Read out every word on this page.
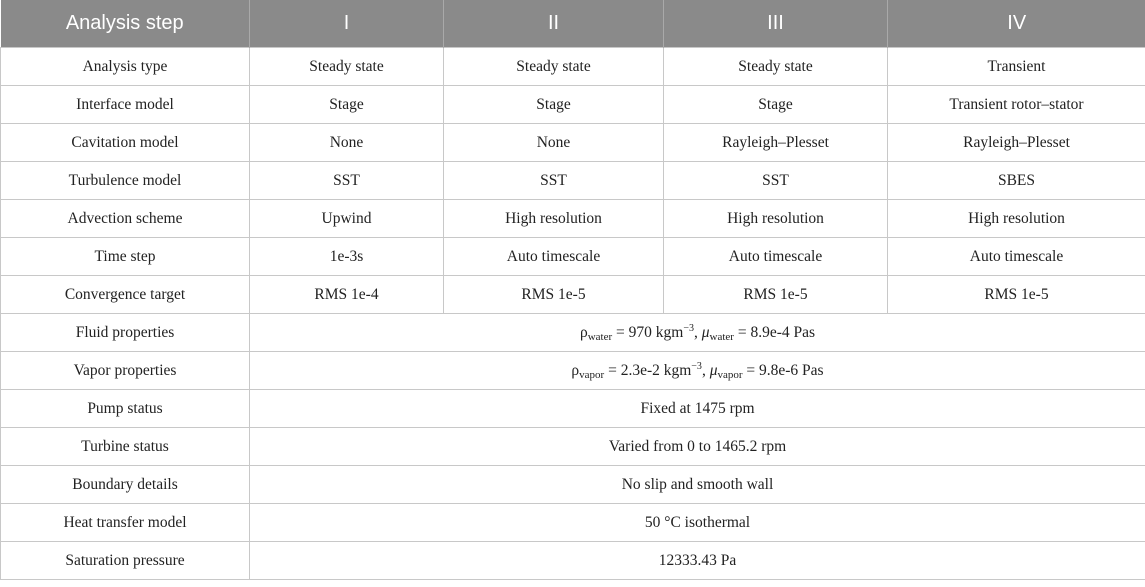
Analysis step	I	II	III	IV
Analysis type	Steady state	Steady state	Steady state	Transient
Interface model	Stage	Stage	Stage	Transient rotor–stator
Cavitation model	None	None	Rayleigh–Plesset	Rayleigh–Plesset
Turbulence model	SST	SST	SST	SBES
Advection scheme	Upwind	High resolution	High resolution	High resolution
Time step	1e-3s	Auto timescale	Auto timescale	Auto timescale
Convergence target	RMS 1e-4	RMS 1e-5	RMS 1e-5	RMS 1e-5
Fluid properties	$\rho_{water} = 970$ kgm$^{-3}$, $\mu_{water} = 8.9e-4$ Pas			
Vapor properties	$\rho_{vapor} = 2.3e-2$ kgm$^{-3}$, $\mu_{vapor} = 9.8e-6$ Pas			
Pump status	Fixed at 1475 rpm			
Turbine status	Varied from 0 to 1465.2 rpm			
Boundary details	No slip and smooth wall			
Heat transfer model	50 °C isothermal			
Saturation pressure	12333.43 Pa			
